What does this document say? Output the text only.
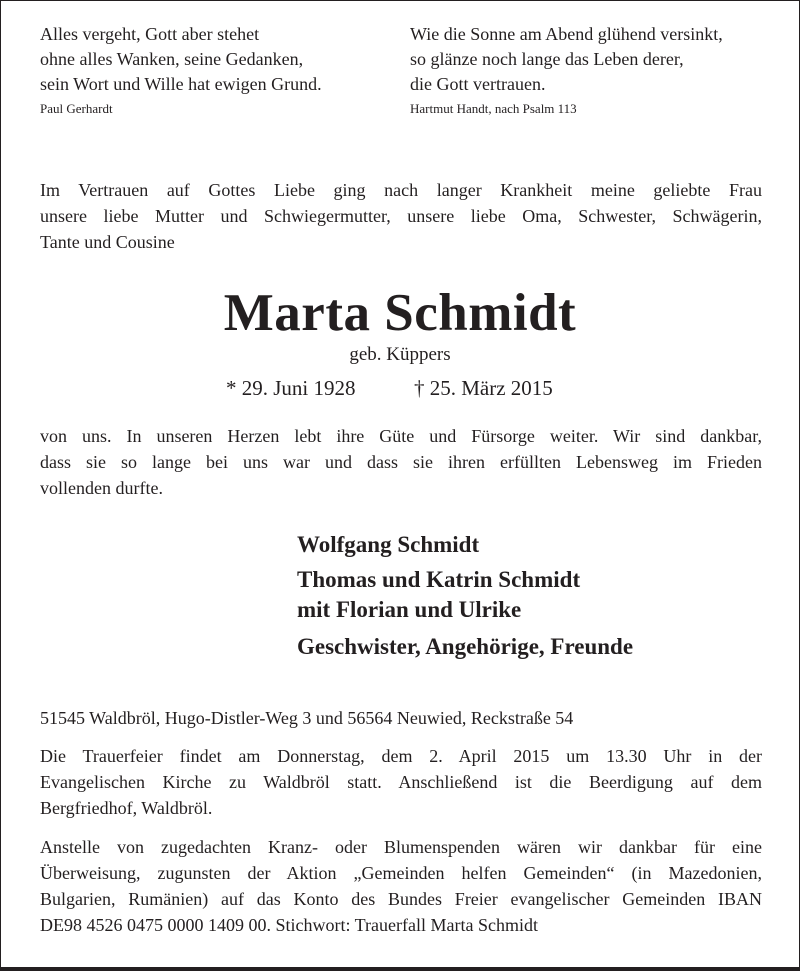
Alles vergeht, Gott aber stehet
ohne alles Wanken, seine Gedanken,
sein Wort und Wille hat ewigen Grund.
Paul Gerhardt
Wie die Sonne am Abend glühend versinkt,
so glänze noch lange das Leben derer,
die Gott vertrauen.
Hartmut Handt, nach Psalm 113
Im Vertrauen auf Gottes Liebe ging nach langer Krankheit meine geliebte Frau
unsere liebe Mutter und Schwiegermutter, unsere liebe Oma, Schwester, Schwägerin,
Tante und Cousine
Marta Schmidt
geb. Küppers
* 29. Juni 1928	† 25. März 2015
von uns. In unseren Herzen lebt ihre Güte und Fürsorge weiter. Wir sind dankbar,
dass sie so lange bei uns war und dass sie ihren erfüllten Lebensweg im Frieden
vollenden durfte.
Wolfgang Schmidt
Thomas und Katrin Schmidt
mit Florian und Ulrike
Geschwister, Angehörige, Freunde
51545 Waldbröl, Hugo-Distler-Weg 3 und 56564 Neuwied, Reckstraße 54
Die Trauerfeier findet am Donnerstag, dem 2. April 2015 um 13.30 Uhr in der
Evangelischen Kirche zu Waldbröl statt. Anschließend ist die Beerdigung auf dem
Bergfriedhof, Waldbröl.
Anstelle von zugedachten Kranz- oder Blumenspenden wären wir dankbar für eine
Überweisung, zugunsten der Aktion „Gemeinden helfen Gemeinden“ (in Mazedonien,
Bulgarien, Rumänien) auf das Konto des Bundes Freier evangelischer Gemeinden IBAN
DE98 4526 0475 0000 1409 00. Stichwort: Trauerfall Marta Schmidt
